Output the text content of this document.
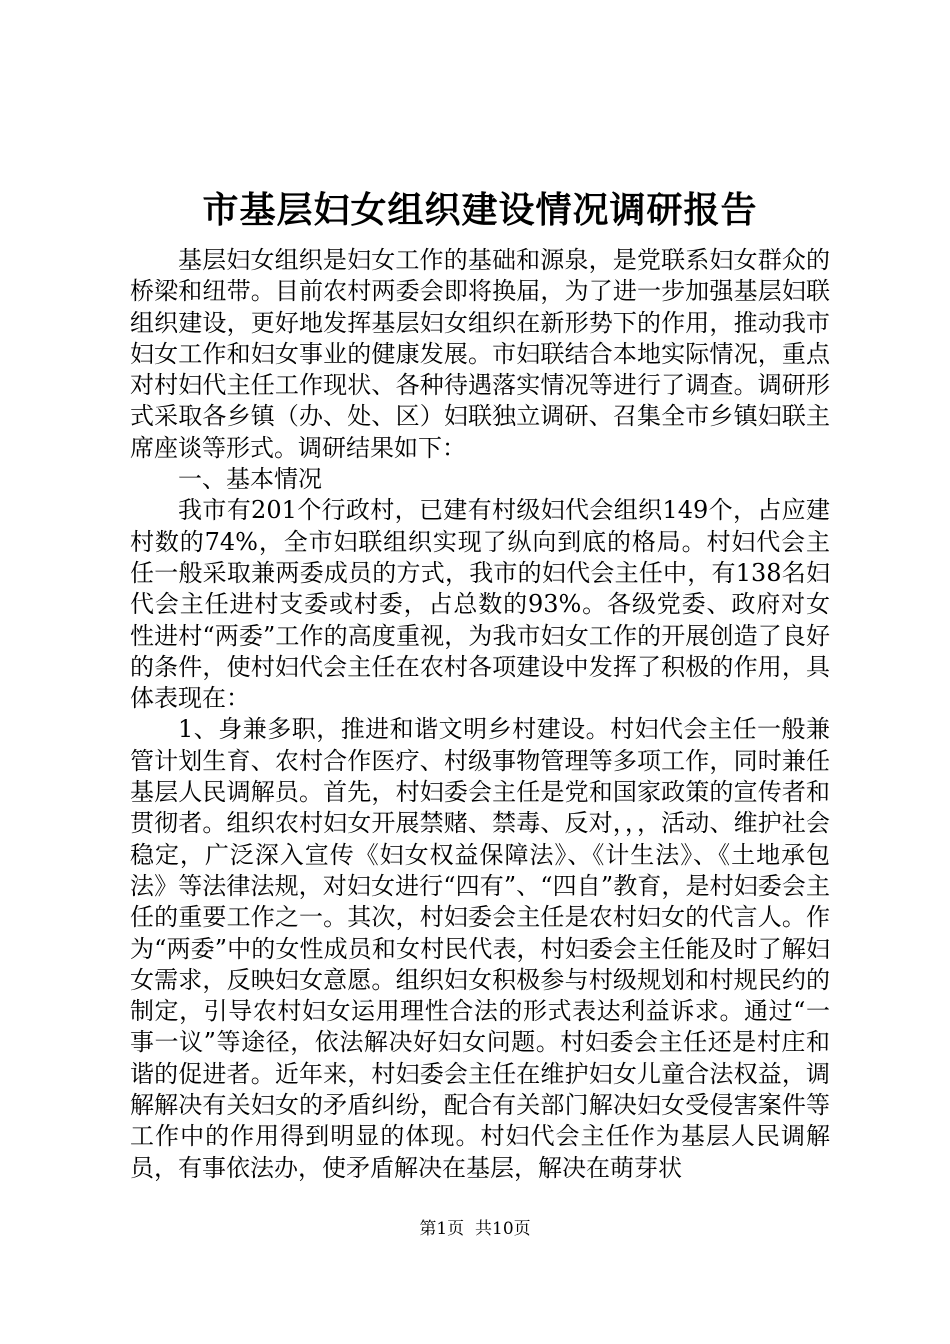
市基层妇女组织建设情况调研报告

基层妇女组织是妇女工作的基础和源泉，是党联系妇女群众的桥梁和纽带。目前农村两委会即将换届，为了进一步加强基层妇联组织建设，更好地发挥基层妇女组织在新形势下的作用，推动我市妇女工作和妇女事业的健康发展。市妇联结合本地实际情况，重点对村妇代主任工作现状、各种待遇落实情况等进行了调查。调研形式采取各乡镇（办、处、区）妇联独立调研、召集全市乡镇妇联主席座谈等形式。调研结果如下：

一、基本情况

我市有201个行政村，已建有村级妇代会组织149个，占应建村数的74%，全市妇联组织实现了纵向到底的格局。村妇代会主任一般采取兼两委成员的方式，我市的妇代会主任中，有138名妇代会主任进村支委或村委，占总数的93%。各级党委、政府对女性进村“两委”工作的高度重视，为我市妇女工作的开展创造了良好的条件，使村妇代会主任在农村各项建设中发挥了积极的作用，具体表现在：

1、身兼多职，推进和谐文明乡村建设。村妇代会主任一般兼管计划生育、农村合作医疗、村级事物管理等多项工作，同时兼任基层人民调解员。首先，村妇委会主任是党和国家政策的宣传者和贯彻者。组织农村妇女开展禁赌、禁毒、反对，，，活动、维护社会稳定，广泛深入宣传《妇女权益保障法》、《计生法》、《土地承包法》等法律法规，对妇女进行“四有”、“四自”教育，是村妇委会主任的重要工作之一。其次，村妇委会主任是农村妇女的代言人。作为“两委”中的女性成员和女村民代表，村妇委会主任能及时了解妇女需求，反映妇女意愿。组织妇女积极参与村级规划和村规民约的制定，引导农村妇女运用理性合法的形式表达利益诉求。通过“一事一议”等途径，依法解决好妇女问题。村妇委会主任还是村庄和谐的促进者。近年来，村妇委会主任在维护妇女儿童合法权益，调解解决有关妇女的矛盾纠纷，配合有关部门解决妇女受侵害案件等工作中的作用得到明显的体现。村妇代会主任作为基层人民调解员，有事依法办，使矛盾解决在基层，解决在萌芽状

第1页 共10页
